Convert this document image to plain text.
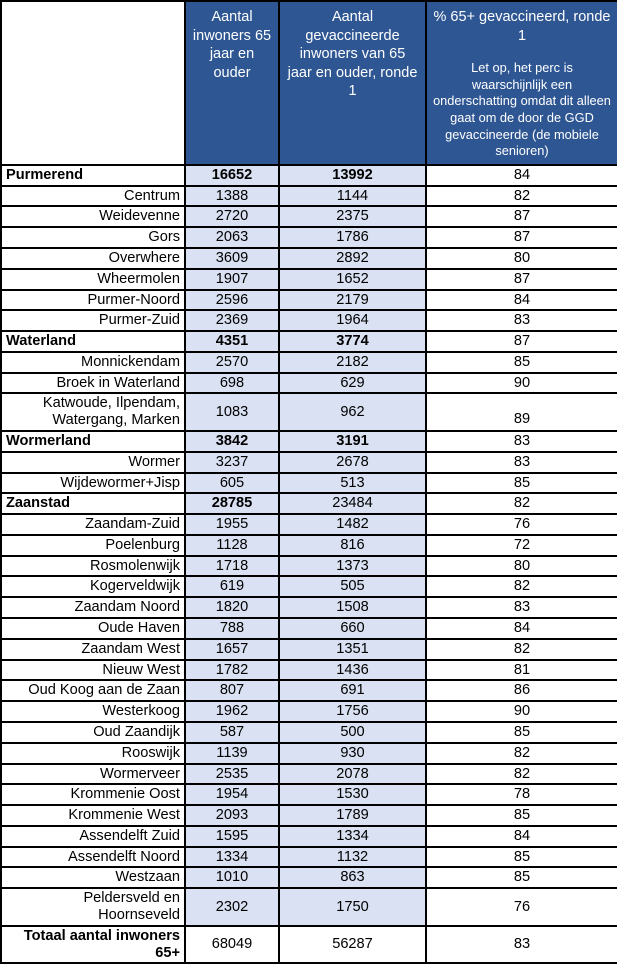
	Aantal inwoners 65 jaar en ouder	Aantal gevaccineerde inwoners van 65 jaar en ouder, ronde 1	% 65+ gevaccineerd, ronde 1
Let op, het perc is waarschijnlijk een onderschatting omdat dit alleen gaat om de door de GGD gevaccineerde (de mobiele senioren)

Purmerend	16652	13992	84
Centrum	1388	1144	82
Weidevenne	2720	2375	87
Gors	2063	1786	87
Overwhere	3609	2892	80
Wheermolen	1907	1652	87
Purmer-Noord	2596	2179	84
Purmer-Zuid	2369	1964	83
Waterland	4351	3774	87
Monnickendam	2570	2182	85
Broek in Waterland	698	629	90
Katwoude, Ilpendam, Watergang, Marken	1083	962	89
Wormerland	3842	3191	83
Wormer	3237	2678	83
Wijdewormer+Jisp	605	513	85
Zaanstad	28785	23484	82
Zaandam-Zuid	1955	1482	76
Poelenburg	1128	816	72
Rosmolenwijk	1718	1373	80
Kogerveldwijk	619	505	82
Zaandam Noord	1820	1508	83
Oude Haven	788	660	84
Zaandam West	1657	1351	82
Nieuw West	1782	1436	81
Oud Koog aan de Zaan	807	691	86
Westerkoog	1962	1756	90
Oud Zaandijk	587	500	85
Rooswijk	1139	930	82
Wormerveer	2535	2078	82
Krommenie Oost	1954	1530	78
Krommenie West	2093	1789	85
Assendelft Zuid	1595	1334	84
Assendelft Noord	1334	1132	85
Westzaan	1010	863	85
Peldersveld en Hoornseveld	2302	1750	76
Totaal aantal inwoners 65+	68049	56287	83
